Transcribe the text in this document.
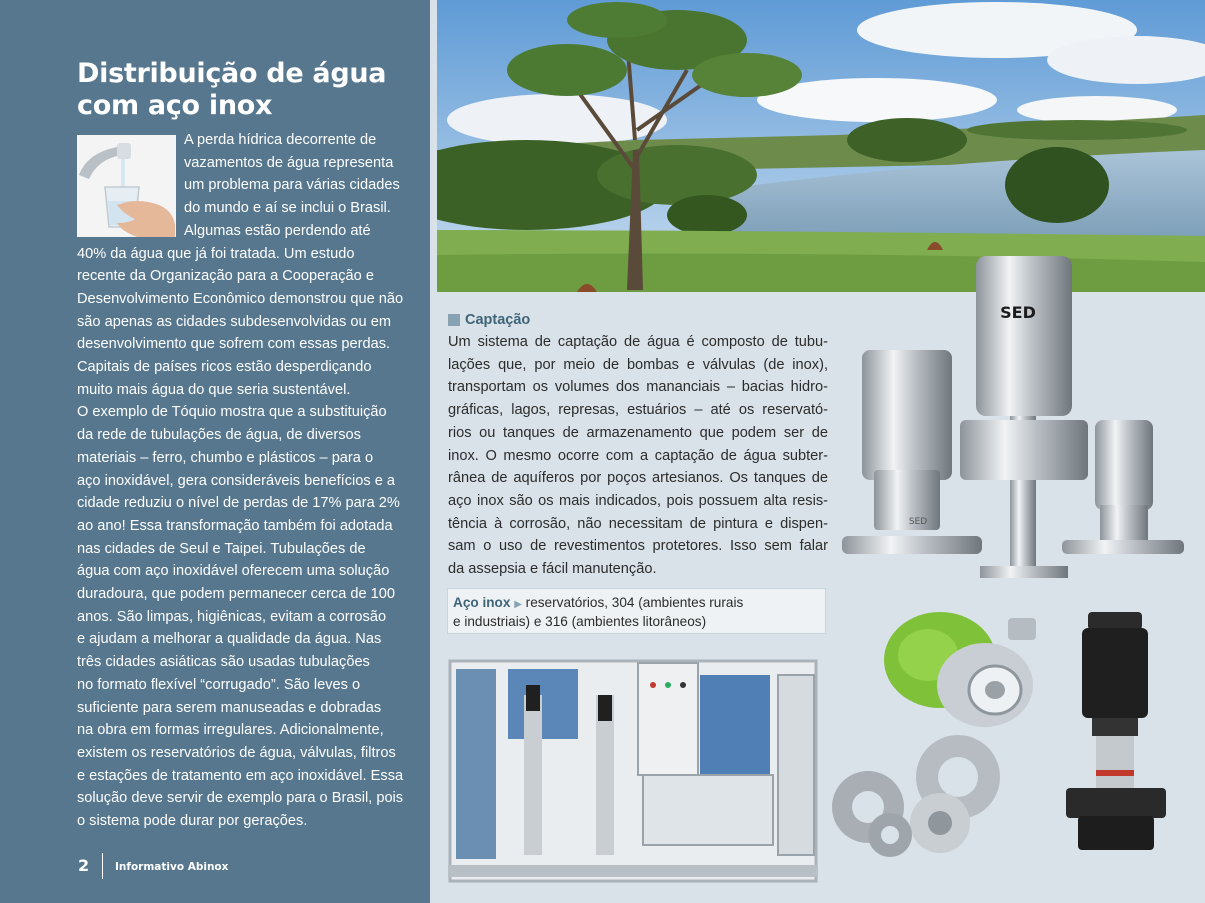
Distribuição de água
com aço inox

A perda hídrica decorrente de

vazamentos de água representa

um problema para várias cidades

do mundo e aí se inclui o Brasil.

Algumas estão perdendo até

40% da água que já foi tratada. Um estudo

recente da Organização para a Cooperação e

Desenvolvimento Econômico demonstrou que não

são apenas as cidades subdesenvolvidas ou em

desenvolvimento que sofrem com essas perdas.

Capitais de países ricos estão desperdiçando

muito mais água do que seria sustentável.

O exemplo de Tóquio mostra que a substituição

da rede de tubulações de água, de diversos

materiais – ferro, chumbo e plásticos – para o

aço inoxidável, gera consideráveis benefícios e a

cidade reduziu o nível de perdas de 17% para 2%

ao ano! Essa transformação também foi adotada

nas cidades de Seul e Taipei. Tubulações de

água com aço inoxidável oferecem uma solução

duradoura, que podem permanecer cerca de 100

anos. São limpas, higiênicas, evitam a corrosão

e ajudam a melhorar a qualidade da água. Nas

três cidades asiáticas são usadas tubulações

no formato flexível “corrugado”. São leves o

suficiente para serem manuseadas e dobradas

na obra em formas irregulares. Adicionalmente,

existem os reservatórios de água, válvulas, filtros

e estações de tratamento em aço inoxidável. Essa

solução deve servir de exemplo para o Brasil, pois

o sistema pode durar por gerações.

2 Informativo Abinox
Captação

Um sistema de captação de água é composto de tubu-

lações que, por meio de bombas e válvulas (de inox),

transportam os volumes dos mananciais – bacias hidro-

gráficas, lagos, represas, estuários – até os reservató-

rios ou tanques de armazenamento que podem ser de

inox. O mesmo ocorre com a captação de água subter-

rânea de aquíferos por poços artesianos. Os tanques de

aço inox são os mais indicados, pois possuem alta resis-

tência à corrosão, não necessitam de pintura e dispen-

sam o uso de revestimentos protetores. Isso sem falar

da assepsia e fácil manutenção.

Aço inox ▶ reservatórios, 304 (ambientes rurais
e industriais) e 316 (ambientes litorâneos)
SED
SED
